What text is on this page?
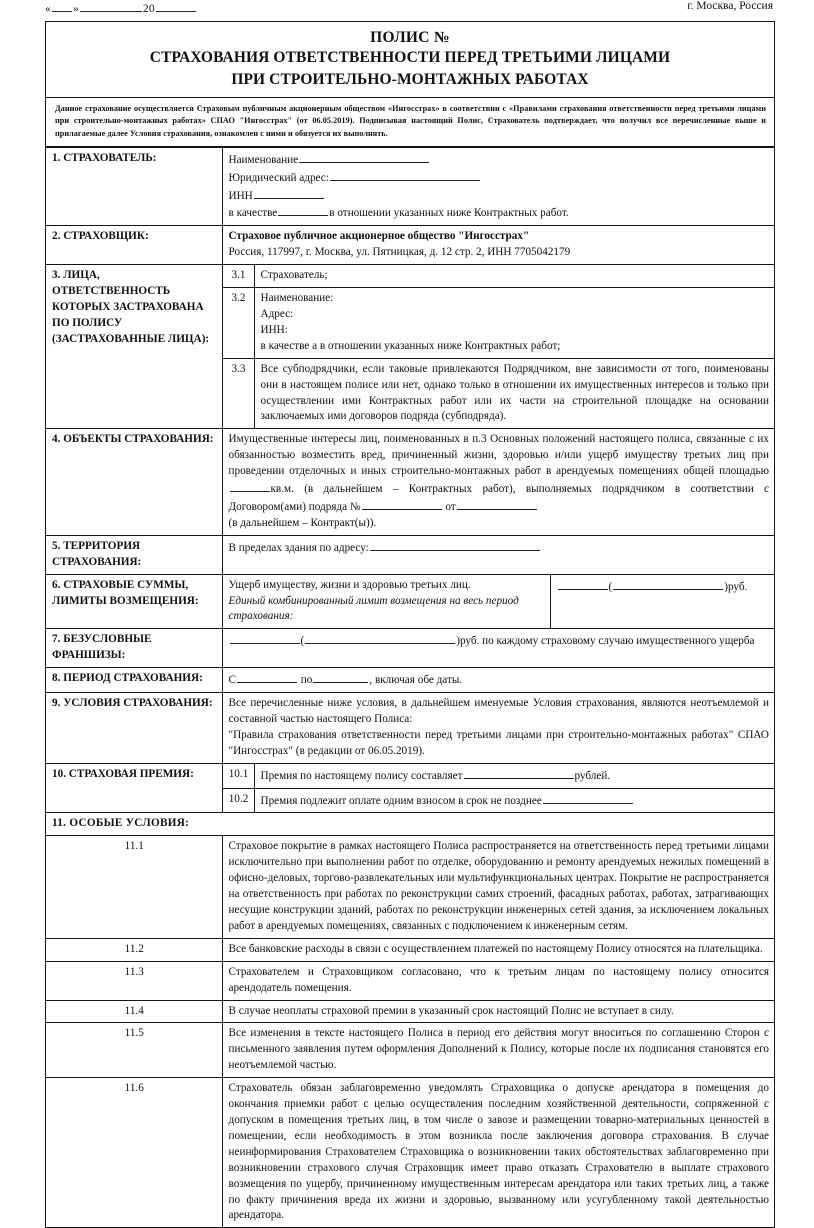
« »	20	г. Москва, Россия
ПОЛИС №
СТРАХОВАНИЯ ОТВЕТСТВЕННОСТИ ПЕРЕД ТРЕТЬИМИ ЛИЦАМИ
ПРИ СТРОИТЕЛЬНО-МОНТАЖНЫХ РАБОТАХ
Данное страхование осуществляется Страховым публичным акционерным обществом «Ингосстрах» в соответствии с «Правилами страхования ответственности перед третьими лицами при строительно-монтажных работах» СПАО "Ингосстрах" (от 06.05.2019). Подписывая настоящий Полис, Страхователь подтверждает, что получил все перечисленные выше и прилагаемые далее Условия страхования, ознакомлен с ними и обязуется их выполнять.
1. СТРАХОВАТЕЛЬ:	Наименование
Юридический адрес:
ИНН
в качестве в отношении указанных ниже Контрактных работ.		

2. СТРАХОВЩИК:	Страховое публичное акционерное общество "Ингосстрах"
Россия, 117997, г. Москва, ул. Пятницкая, д. 12 стр. 2, ИНН 7705042179		

3. ЛИЦА, ОТВЕТСТВЕННОСТЬ КОТОРЫХ ЗАСТРАХОВАНА ПО ПОЛИСУ (ЗАСТРАХОВАННЫЕ ЛИЦА):	3.1	Страхователь;	
	3.2	Наименование:
Адрес:
ИНН:
в качестве а в отношении указанных ниже Контрактных работ;	

	3.3	Все субподрядчики, если таковые привлекаются Подрядчиком, вне зависимости от того, поименованы они в настоящем полисе или нет, однако только в отношении их имущественных интересов и только при осуществлении ими Контрактных работ или их части на строительной площадке на основании заключаемых ими договоров подряда (субподряда).	
4. ОБЪЕКТЫ СТРАХОВАНИЯ:	Имущественные интересы лиц, поименованных в п.3 Основных положений настоящего полиса, связанные с их обязанностью возместить вред, причиненный жизни, здоровью и/или ущерб имуществу третьих лиц при проведении отделочных и иных строительно-монтажных работ в арендуемых помещениях общей площадьюкв.м. (в дальнейшем – Контрактных работ), выполняемых подрядчиком в соответствии с Договором(ами) подряда № от
(в дальнейшем – Контракт(ы)).		

5. ТЕРРИТОРИЯ СТРАХОВАНИЯ:	В пределах здания по адресу:		
6. СТРАХОВЫЕ СУММЫ, ЛИМИТЫ ВОЗМЕЩЕНИЯ:	Ущерб имуществу, жизни и здоровью третьих лиц.
Единый комбинированный лимит возмещения на весь период страхования:		( )руб.
7. БЕЗУСЛОВНЫЕ ФРАНШИЗЫ:	( )руб. по каждому страховому случаю имущественного ущерба		
8. ПЕРИОД СТРАХОВАНИЯ:	С по , включая обе даты.		
9. УСЛОВИЯ СТРАХОВАНИЯ:	Все перечисленные ниже условия, в дальнейшем именуемые Условия страхования, являются неотъемлемой и составной частью настоящего Полиса:
"Правила страхования ответственности перед третьими лицами при строительно-монтажных работах" СПАО "Ингосстрах" (в редакции от 06.05.2019).		

10. СТРАХОВАЯ ПРЕМИЯ:	10.1	Премия по настоящему полису составляет рублей.	
	10.2	Премия подлежит оплате одним взносом в срок не позднее	
11. ОСОБЫЕ УСЛОВИЯ:			
11.1	Страховое покрытие в рамках настоящего Полиса распространяется на ответственность перед третьими лицами исключительно при выполнении работ по отделке, оборудованию и ремонту арендуемых нежилых помещений в офисно-деловых, торгово-развлекательных или мультифункциональных центрах. Покрытие не распространяется на ответственность при работах по реконструкции самих строений, фасадных работах, работах, затрагивающих несущие конструкции зданий, работах по реконструкции инженерных сетей здания, за исключением локальных работ в арендуемых помещениях, связанных с подключением к инженерным сетям.		
11.2	Все банковские расходы в связи с осуществлением платежей по настоящему Полису относятся на плательщика.		
11.3	Страхователем и Страховщиком согласовано, что к третьим лицам по настоящему полису относится арендодатель помещения.		
11.4	В случае неоплаты страховой премии в указанный срок настоящий Полис не вступает в силу.		
11.5	Все изменения в тексте настоящего Полиса в период его действия могут вноситься по соглашению Сторон с письменного заявления путем оформления Дополнений к Полису, которые после их подписания становятся его неотъемлемой частью.		
11.6	Страхователь обязан заблаговременно уведомлять Страховщика о допуске арендатора в помещения до окончания приемки работ с целью осуществления последним хозяйственной деятельности, сопряженной с допуском в помещения третьих лиц, в том числе о завозе и размещении товарно-материальных ценностей в помещении, если необходимость в этом возникла после заключения договора страхования. В случае неинформирования Страхователем Страховщика о возникновении таких обстоятельствах заблаговременно при возникновении страхового случая Страховщик имеет право отказать Страхователю в выплате страхового возмещения по ущербу, причиненному имущественным интересам арендатора или таких третьих лиц, а также по факту причинения вреда их жизни и здоровью, вызванному или усугубленному такой деятельностью арендатора.		
